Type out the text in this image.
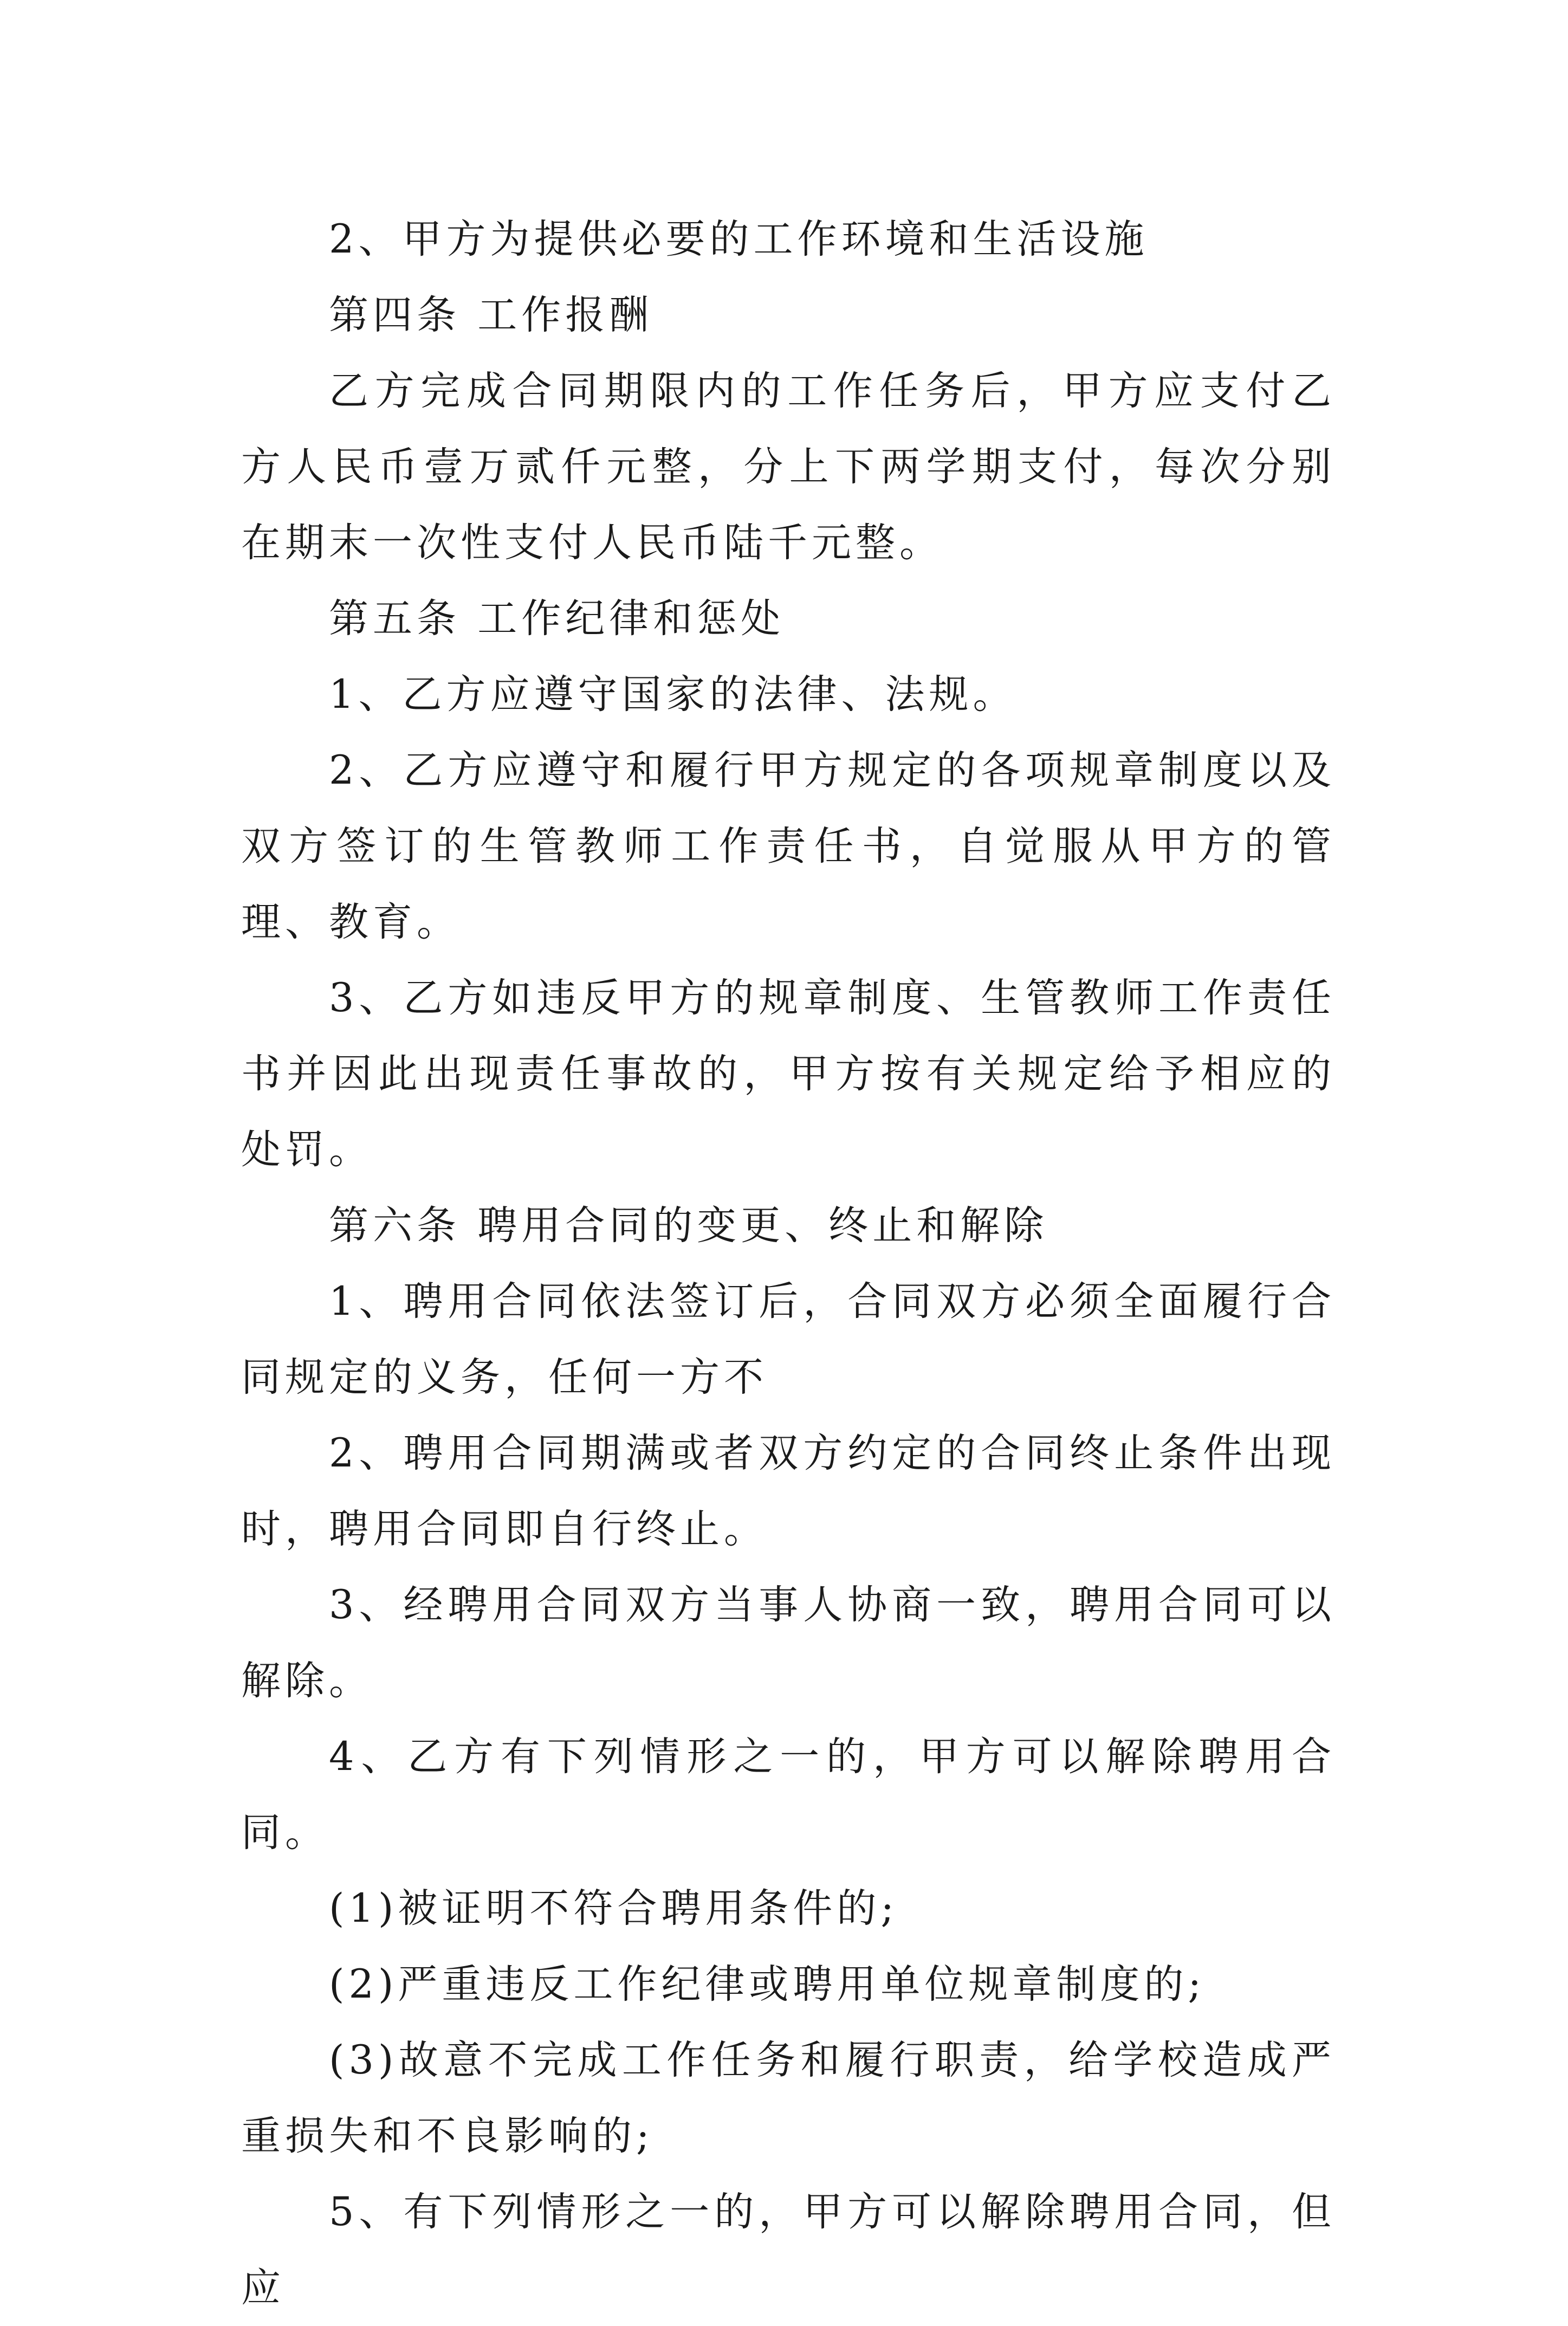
2、甲方为提供必要的工作环境和生活设施

第四条 工作报酬

乙方完成合同期限内的工作任务后，甲方应支付乙方人民币壹万贰仟元整，分上下两学期支付，每次分别在期末一次性支付人民币陆千元整。

第五条 工作纪律和惩处

1、乙方应遵守国家的法律、法规。

2、乙方应遵守和履行甲方规定的各项规章制度以及双方签订的生管教师工作责任书，自觉服从甲方的管理、教育。

3、乙方如违反甲方的规章制度、生管教师工作责任书并因此出现责任事故的，甲方按有关规定给予相应的处罚。

第六条 聘用合同的变更、终止和解除

1、聘用合同依法签订后，合同双方必须全面履行合同规定的义务，任何一方不

2、聘用合同期满或者双方约定的合同终止条件出现时，聘用合同即自行终止。

3、经聘用合同双方当事人协商一致，聘用合同可以解除。

4、乙方有下列情形之一的，甲方可以解除聘用合同。

(1)被证明不符合聘用条件的;

(2)严重违反工作纪律或聘用单位规章制度的;

(3)故意不完成工作任务和履行职责，给学校造成严重损失和不良影响的;

5、有下列情形之一的，甲方可以解除聘用合同，但应
